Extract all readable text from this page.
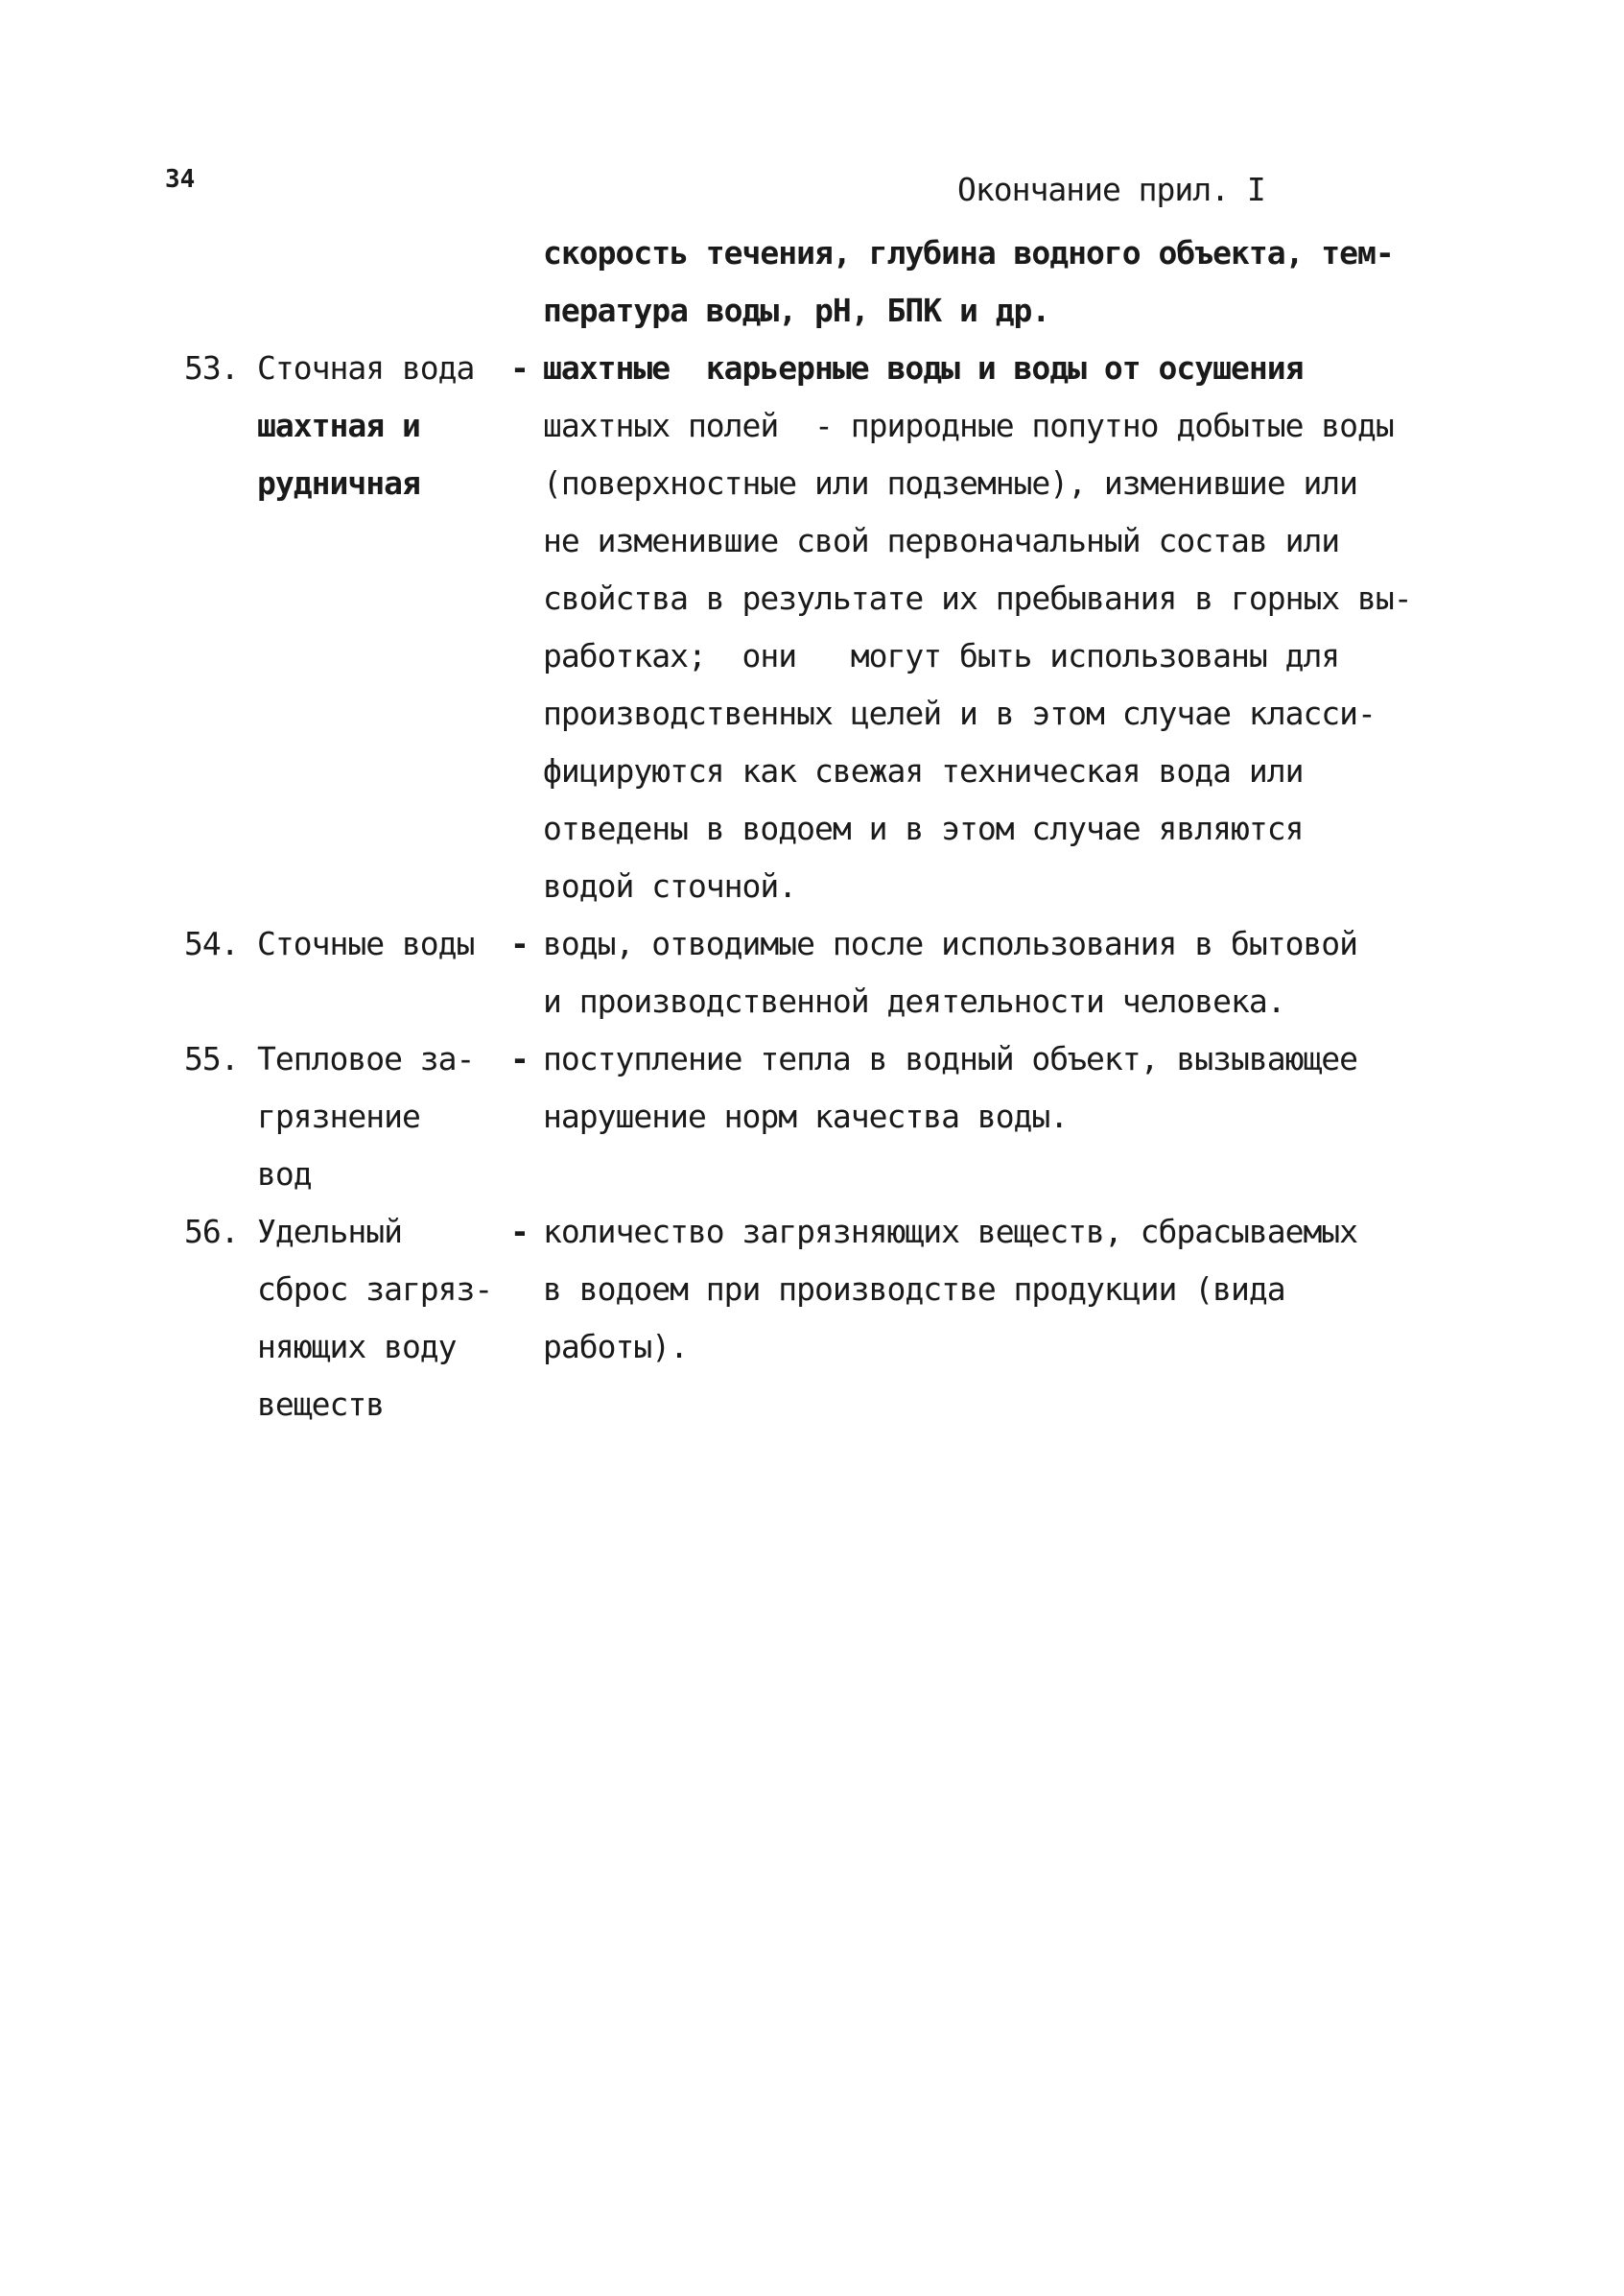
34	Окончание прил. I
скорость течения, глубина водного объекта, тем-
пература воды, рН, БПК и др.
53. Сточная вода
шахтная и
рудничная
- шахтные  карьерные воды и воды от осушения
шахтных полей  - природные попутно добытые воды
(поверхностные или подземные), изменившие или
не изменившие свой первоначальный состав или
свойства в результате их пребывания в горных вы-
работках;  они   могут быть использованы для
производственных целей и в этом случае класси-
фицируются как свежая техническая вода или
отведены в водоем и в этом случае являются
водой сточной.
54. Сточные воды - воды, отводимые после использования в бытовой
и производственной деятельности человека.
55. Тепловое за-
грязнение
вод
- поступление тепла в водный объект, вызывающее
нарушение норм качества воды.
56. Удельный
сброс загряз-
няющих воду
веществ
- количество загрязняющих веществ, сбрасываемых
в водоем при производстве продукции (вида
работы).
